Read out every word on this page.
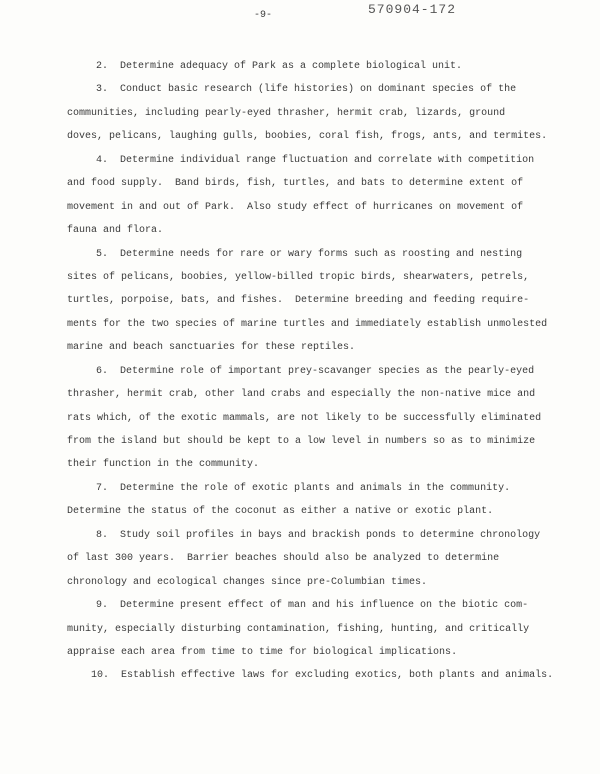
570904-172
-9-
2.  Determine adequacy of Park as a complete biological unit.
3.  Conduct basic research (life histories) on dominant species of the
communities, including pearly-eyed thrasher, hermit crab, lizards, ground
doves, pelicans, laughing gulls, boobies, coral fish, frogs, ants, and termites.
4.  Determine individual range fluctuation and correlate with competition
and food supply.  Band birds, fish, turtles, and bats to determine extent of
movement in and out of Park.  Also study effect of hurricanes on movement of
fauna and flora.
5.  Determine needs for rare or wary forms such as roosting and nesting
sites of pelicans, boobies, yellow-billed tropic birds, shearwaters, petrels,
turtles, porpoise, bats, and fishes.  Determine breeding and feeding require-
ments for the two species of marine turtles and immediately establish unmolested
marine and beach sanctuaries for these reptiles.
6.  Determine role of important prey-scavanger species as the pearly-eyed
thrasher, hermit crab, other land crabs and especially the non-native mice and
rats which, of the exotic mammals, are not likely to be successfully eliminated
from the island but should be kept to a low level in numbers so as to minimize
their function in the community.
7.  Determine the role of exotic plants and animals in the community.
Determine the status of the coconut as either a native or exotic plant.
8.  Study soil profiles in bays and brackish ponds to determine chronology
of last 300 years.  Barrier beaches should also be analyzed to determine
chronology and ecological changes since pre-Columbian times.
9.  Determine present effect of man and his influence on the biotic com-
munity, especially disturbing contamination, fishing, hunting, and critically
appraise each area from time to time for biological implications.
10.  Establish effective laws for excluding exotics, both plants and animals.
